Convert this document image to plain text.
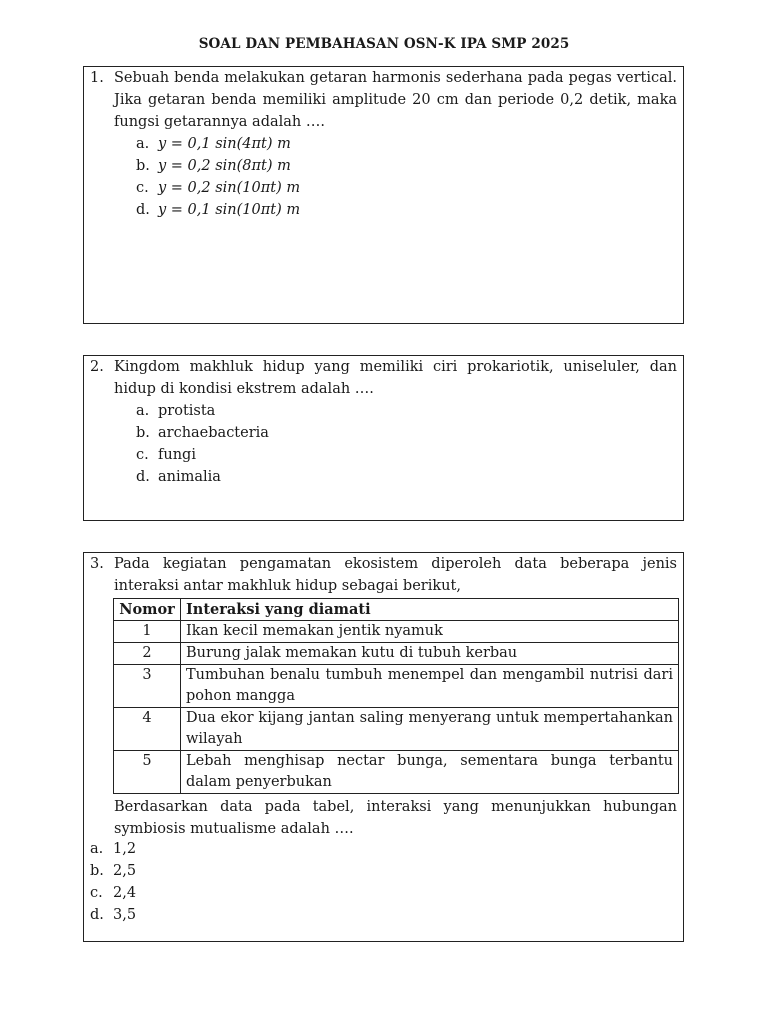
SOAL DAN PEMBAHASAN OSN-K IPA SMP 2025
1. Sebuah benda melakukan getaran harmonis sederhana pada pegas vertical. Jika getaran benda memiliki amplitude 20 cm dan periode 0,2 detik, maka fungsi getarannya adalah ….
a. y = 0,1 sin(4πt) m
b. y = 0,2 sin(8πt) m
c. y = 0,2 sin(10πt) m
d. y = 0,1 sin(10πt) m
2. Kingdom makhluk hidup yang memiliki ciri prokariotik, uniseluler, dan hidup di kondisi ekstrem adalah ….
a. protista
b. archaebacteria
c. fungi
d. animalia
3. Pada kegiatan pengamatan ekosistem diperoleh data beberapa jenis interaksi antar makhluk hidup sebagai berikut,
Nomor	Interaksi yang diamati
1	Ikan kecil memakan jentik nyamuk
2	Burung jalak memakan kutu di tubuh kerbau
3	Tumbuhan benalu tumbuh menempel dan mengambil nutrisi dari pohon mangga
4	Dua ekor kijang jantan saling menyerang untuk mempertahankan wilayah
5	Lebah menghisap nectar bunga, sementara bunga terbantu dalam penyerbukan
Berdasarkan data pada tabel, interaksi yang menunjukkan hubungan symbiosis mutualisme adalah ….
a. 1,2
b. 2,5
c. 2,4
d. 3,5
